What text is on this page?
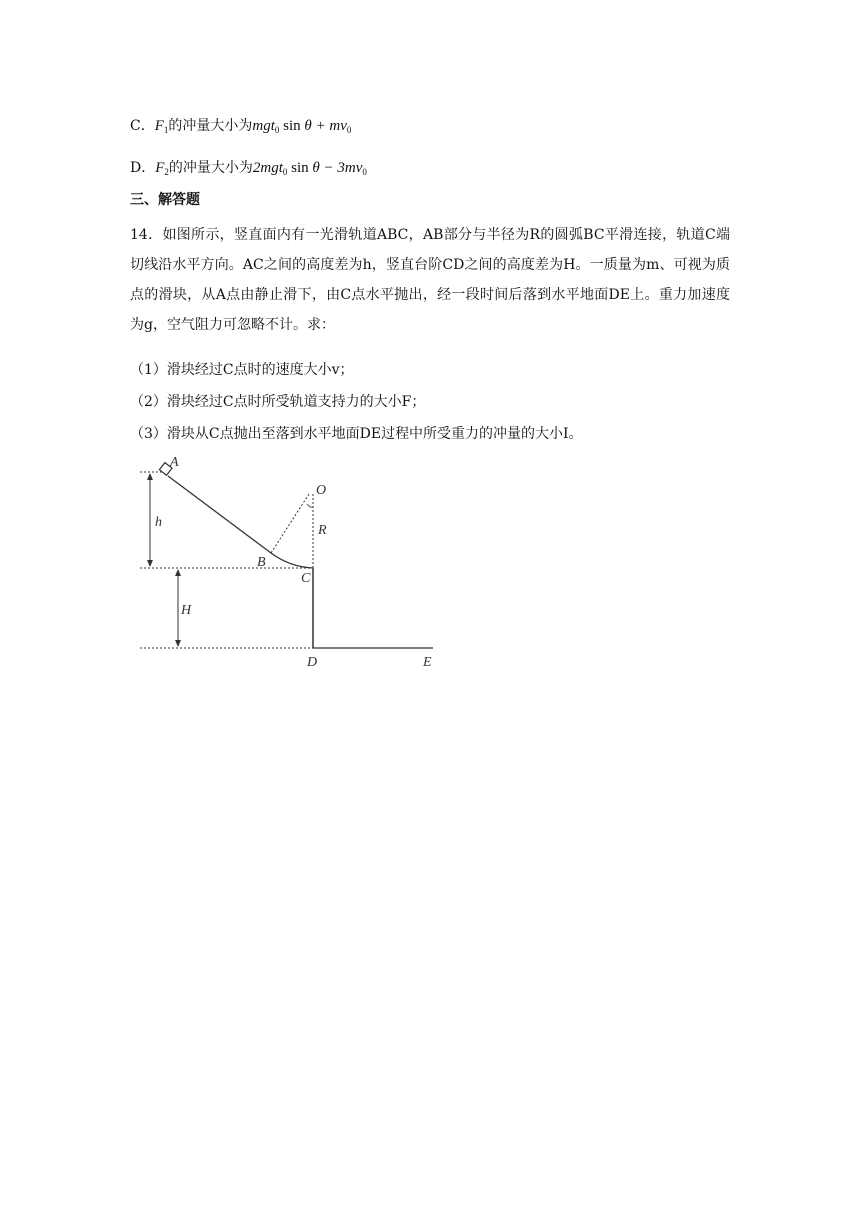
C．$F_1$的冲量大小为mgt$_0$ $\sin \theta + mv_0$
D．$F_2$的冲量大小为2mgt$_0$ $\sin \theta - 3mv_0$
三、解答题
14．如图所示，竖直面内有一光滑轨道ABC，AB部分与半径为R的圆弧BC平滑连接，轨道C端切线沿水平方向。AC之间的高度差为h，竖直台阶CD之间的高度差为H。一质量为m、可视为质点的滑块，从A点由静止滑下，由C点水平抛出，经一段时间后落到水平地面DE上。重力加速度为g，空气阻力可忽略不计。求：
（1）滑块经过C点时的速度大小v；
（2）滑块经过C点时所受轨道支持力的大小F；
（3）滑块从C点抛出至落到水平地面DE过程中所受重力的冲量的大小I。
h
H
A
B
C
O
R
D	E
